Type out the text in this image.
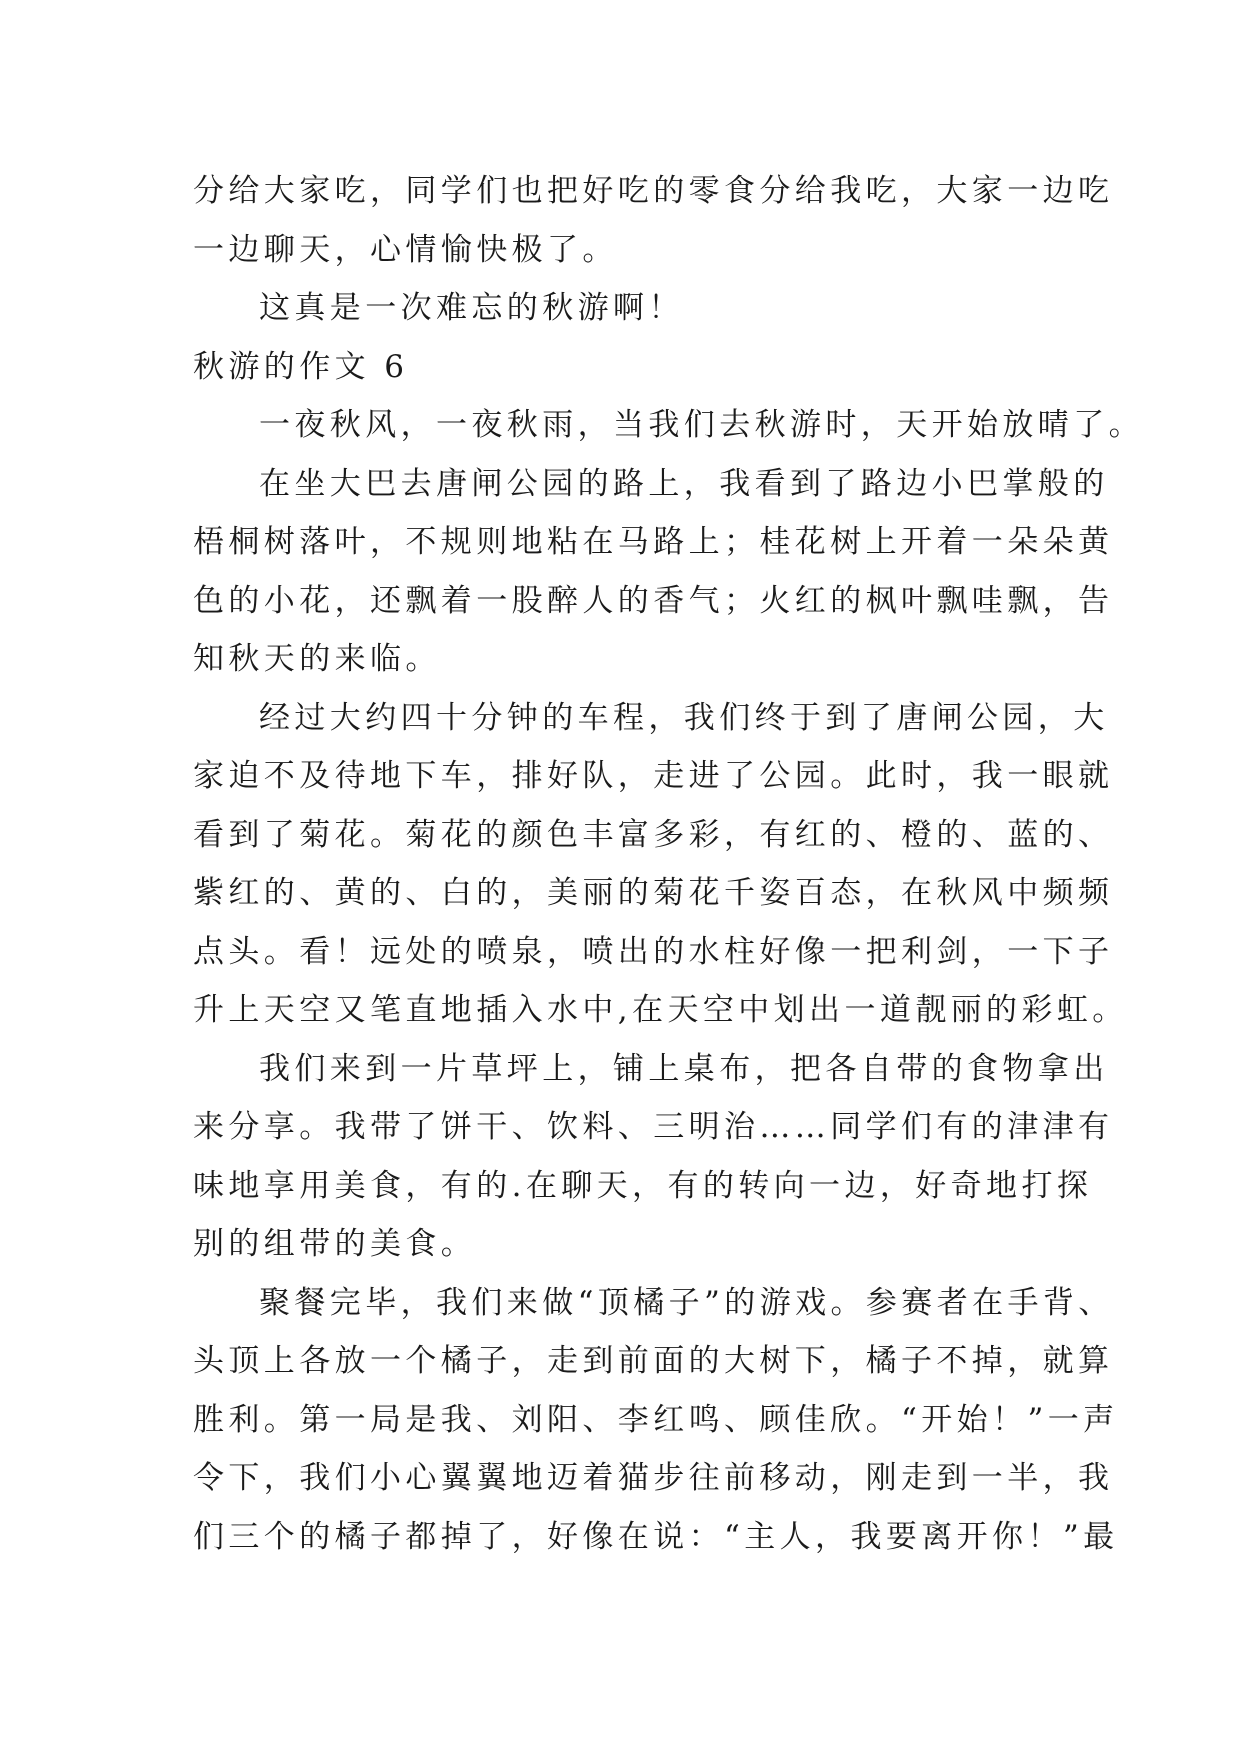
分给大家吃，同学们也把好吃的零食分给我吃，大家一边吃
一边聊天，心情愉快极了。
这真是一次难忘的秋游啊！
秋游的作文 6
一夜秋风，一夜秋雨，当我们去秋游时，天开始放晴了。
在坐大巴去唐闸公园的路上，我看到了路边小巴掌般的
梧桐树落叶，不规则地粘在马路上；桂花树上开着一朵朵黄
色的小花，还飘着一股醉人的香气；火红的枫叶飘哇飘，告
知秋天的来临。
经过大约四十分钟的车程，我们终于到了唐闸公园，大
家迫不及待地下车，排好队，走进了公园。此时，我一眼就
看到了菊花。菊花的颜色丰富多彩，有红的、橙的、蓝的、
紫红的、黄的、白的，美丽的菊花千姿百态，在秋风中频频
点头。看！远处的喷泉，喷出的水柱好像一把利剑，一下子
升上天空又笔直地插入水中,在天空中划出一道靓丽的彩虹。
我们来到一片草坪上，铺上桌布，把各自带的食物拿出
来分享。我带了饼干、饮料、三明治……同学们有的津津有
味地享用美食，有的.在聊天，有的转向一边，好奇地打探
别的组带的美食。
聚餐完毕，我们来做“顶橘子”的游戏。参赛者在手背、
头顶上各放一个橘子，走到前面的大树下，橘子不掉，就算
胜利。第一局是我、刘阳、李红鸣、顾佳欣。“开始！”一声
令下，我们小心翼翼地迈着猫步往前移动，刚走到一半，我
们三个的橘子都掉了，好像在说：“主人，我要离开你！”最
